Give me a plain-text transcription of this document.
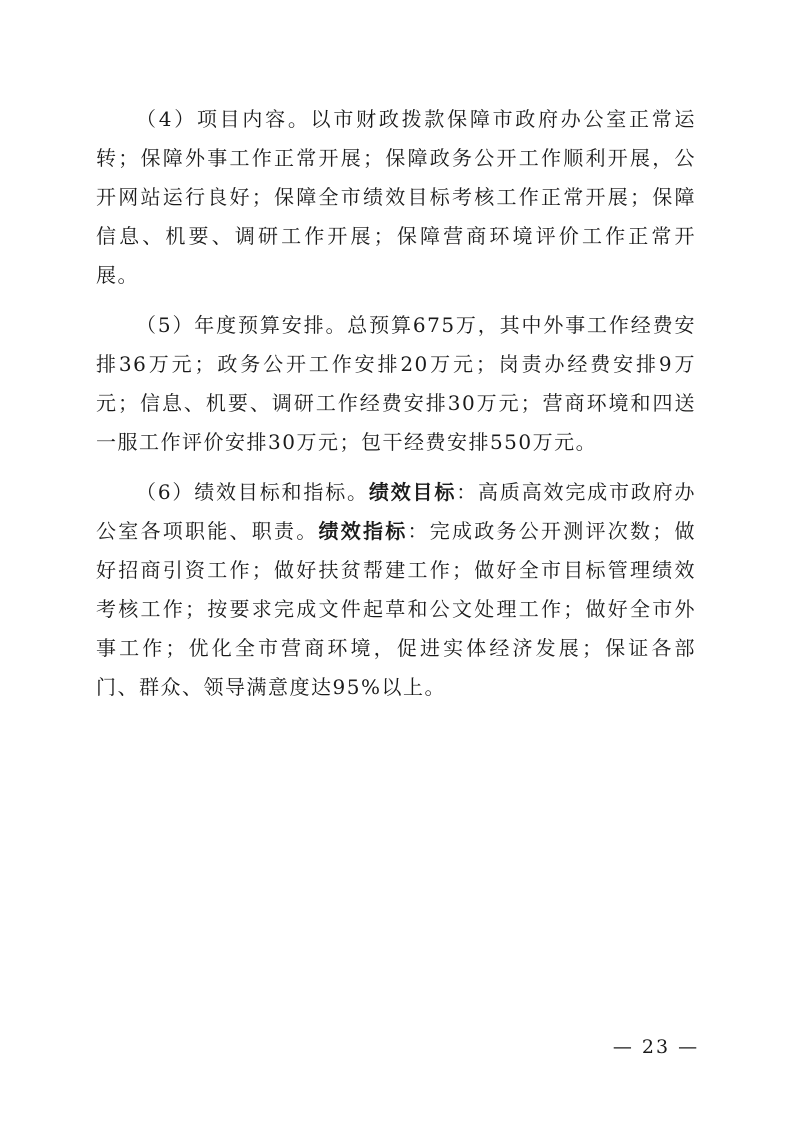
（4）项目内容。以市财政拨款保障市政府办公室正常运转；保障外事工作正常开展；保障政务公开工作顺利开展，公开网站运行良好；保障全市绩效目标考核工作正常开展；保障信息、机要、调研工作开展；保障营商环境评价工作正常开展。

（5）年度预算安排。总预算675万，其中外事工作经费安排36万元；政务公开工作安排20万元；岗责办经费安排9万元；信息、机要、调研工作经费安排30万元；营商环境和四送一服工作评价安排30万元；包干经费安排550万元。

（6）绩效目标和指标。绩效目标：高质高效完成市政府办公室各项职能、职责。绩效指标：完成政务公开测评次数；做好招商引资工作；做好扶贫帮建工作；做好全市目标管理绩效考核工作；按要求完成文件起草和公文处理工作；做好全市外事工作；优化全市营商环境，促进实体经济发展；保证各部门、群众、领导满意度达95%以上。

— 23 —
